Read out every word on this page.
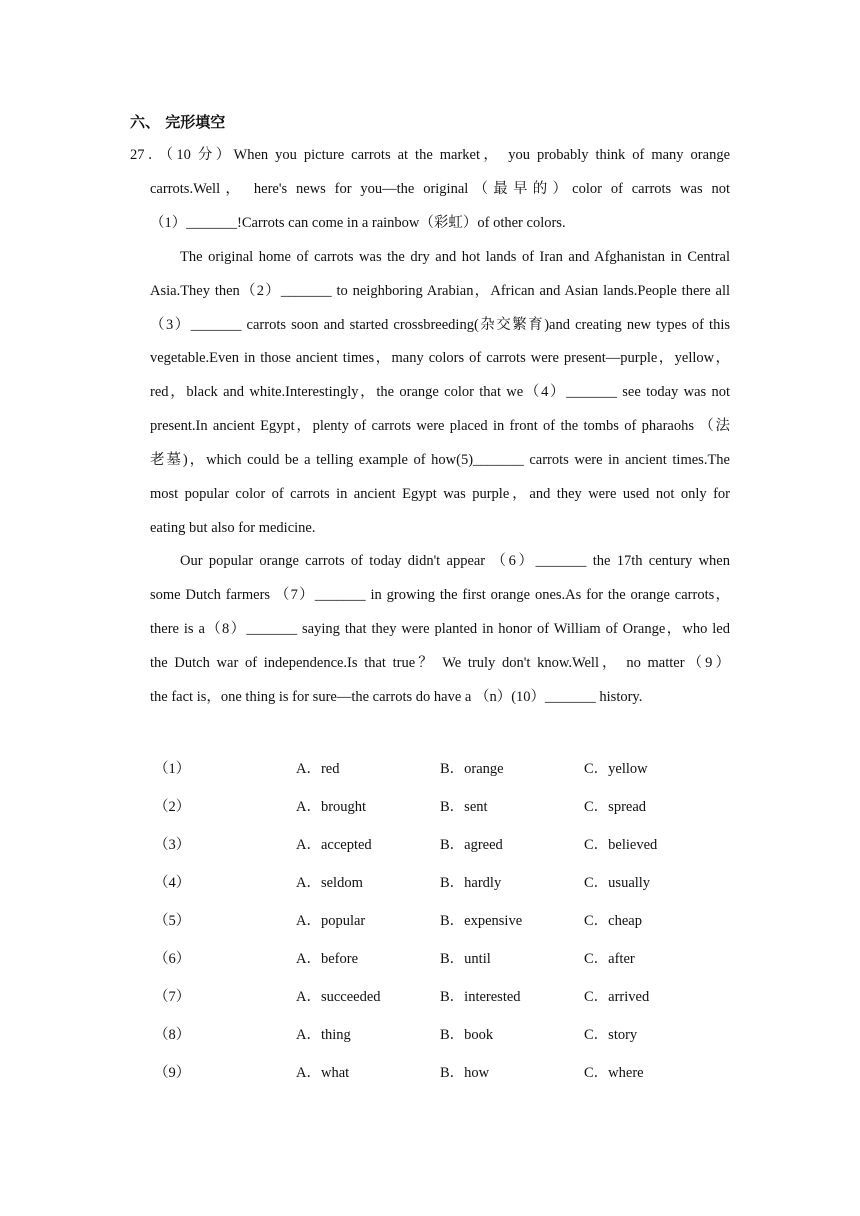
六、 完形填空
27．（10 分）When you picture carrots at the market， you probably think of many orange
carrots.Well， here's news for you—the original（最早的）color of carrots was not
（1）_______!Carrots can come in a rainbow（彩虹）of other colors.
The original home of carrots was the dry and hot lands of Iran and Afghanistan in Central
Asia.They then（2）_______ to neighboring Arabian，African and Asian lands.People there all
（3）_______ carrots soon and started crossbreeding(杂交繁育)and creating new types of this
vegetable.Even in those ancient times，many colors of carrots were present—purple，yellow，
red，black and white.Interestingly，the orange color that we（4）_______ see today was not
present.In ancient Egypt，plenty of carrots were placed in front of the tombs of pharaohs （法
老墓)，which could be a telling example of how(5)_______ carrots were in ancient times.The
most popular color of carrots in ancient Egypt was purple，and they were used not only for
eating but also for medicine.
Our popular orange carrots of today didn't appear （6）_______ the 17th century when
some Dutch farmers （7）_______ in growing the first orange ones.As for the orange carrots，
there is a（8）_______ saying that they were planted in honor of William of Orange，who led
the Dutch war of independence.Is that true？ We truly don't know.Well， no matter（9）
the fact is，one thing is for sure—the carrots do have a （n）(10）_______ history.
（1）	A．red	B．orange	C．yellow
（2）	A．brought	B．sent	C．spread
（3）	A．accepted	B．agreed	C．believed
（4）	A．seldom	B．hardly	C．usually
（5）	A．popular	B．expensive	C．cheap
（6）	A．before	B．until	C．after
（7）	A．succeeded	B．interested	C．arrived
（8）	A．thing	B．book	C．story
（9）	A．what	B．how	C．where
